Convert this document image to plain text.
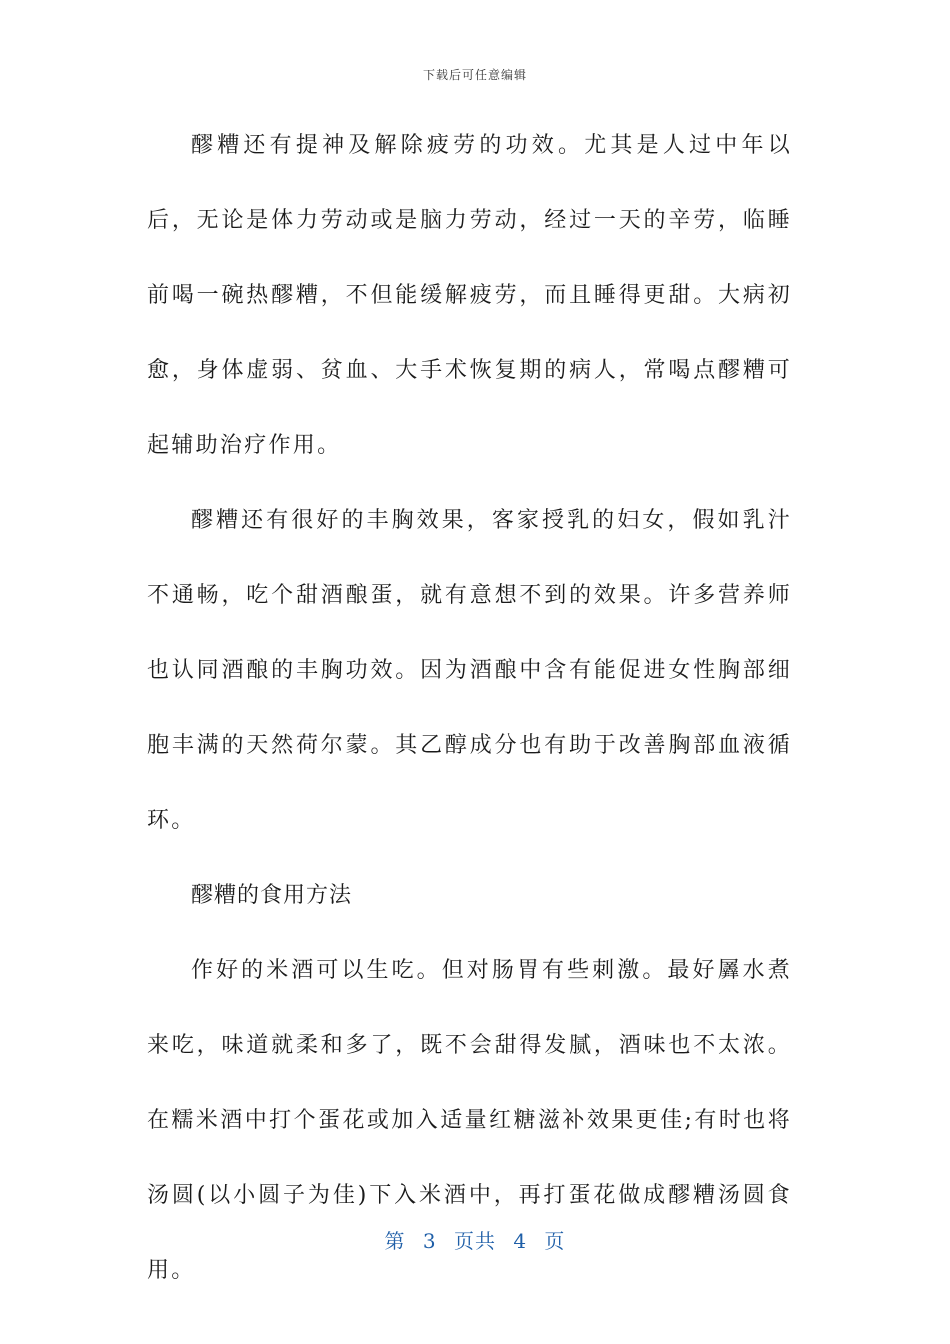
下载后可任意编辑

醪糟还有提神及解除疲劳的功效。尤其是人过中年以后，无论是体力劳动或是脑力劳动，经过一天的辛劳，临睡前喝一碗热醪糟，不但能缓解疲劳，而且睡得更甜。大病初愈，身体虚弱、贫血、大手术恢复期的病人，常喝点醪糟可起辅助治疗作用。

醪糟还有很好的丰胸效果，客家授乳的妇女，假如乳汁不通畅，吃个甜酒酿蛋，就有意想不到的效果。许多营养师也认同酒酿的丰胸功效。因为酒酿中含有能促进女性胸部细胞丰满的天然荷尔蒙。其乙醇成分也有助于改善胸部血液循环。

醪糟的食用方法

作好的米酒可以生吃。但对肠胃有些刺激。最好羼水煮来吃，味道就柔和多了，既不会甜得发腻，酒味也不太浓。在糯米酒中打个蛋花或加入适量红糖滋补效果更佳;有时也将汤圆(以小圆子为佳)下入米酒中，再打蛋花做成醪糟汤圆食用。

第 3 页共 4 页
